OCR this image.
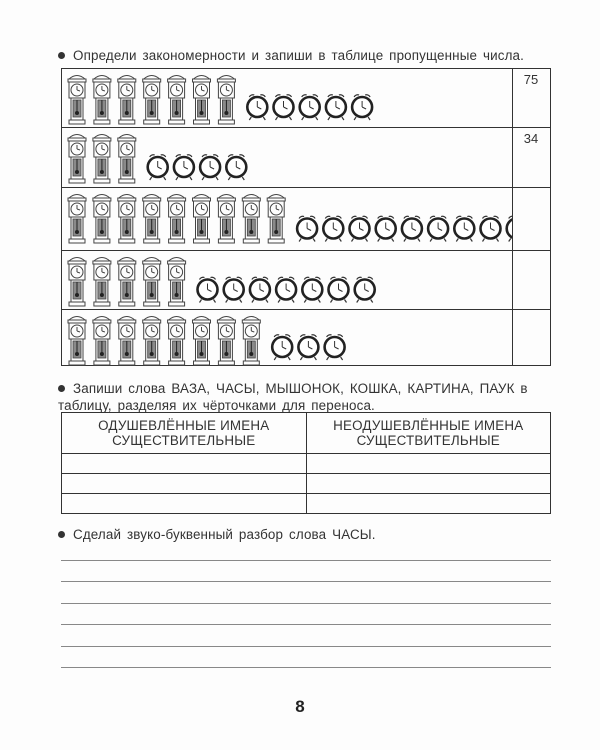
Определи закономерности и запиши в таблице пропущенные числа.
75
34
Запиши слова ВАЗА, ЧАСЫ, МЫШОНОК, КОШКА, КАРТИНА, ПАУК в таблицу, разделяя их чёрточками для переноса.
ОДУШЕВЛЁННЫЕ ИМЕНА СУЩЕСТВИТЕЛЬНЫЕ	НЕОДУШЕВЛЁННЫЕ ИМЕНА СУЩЕСТВИТЕЛЬНЫЕ

Сделай звуко-буквенный разбор слова ЧАСЫ.
8
